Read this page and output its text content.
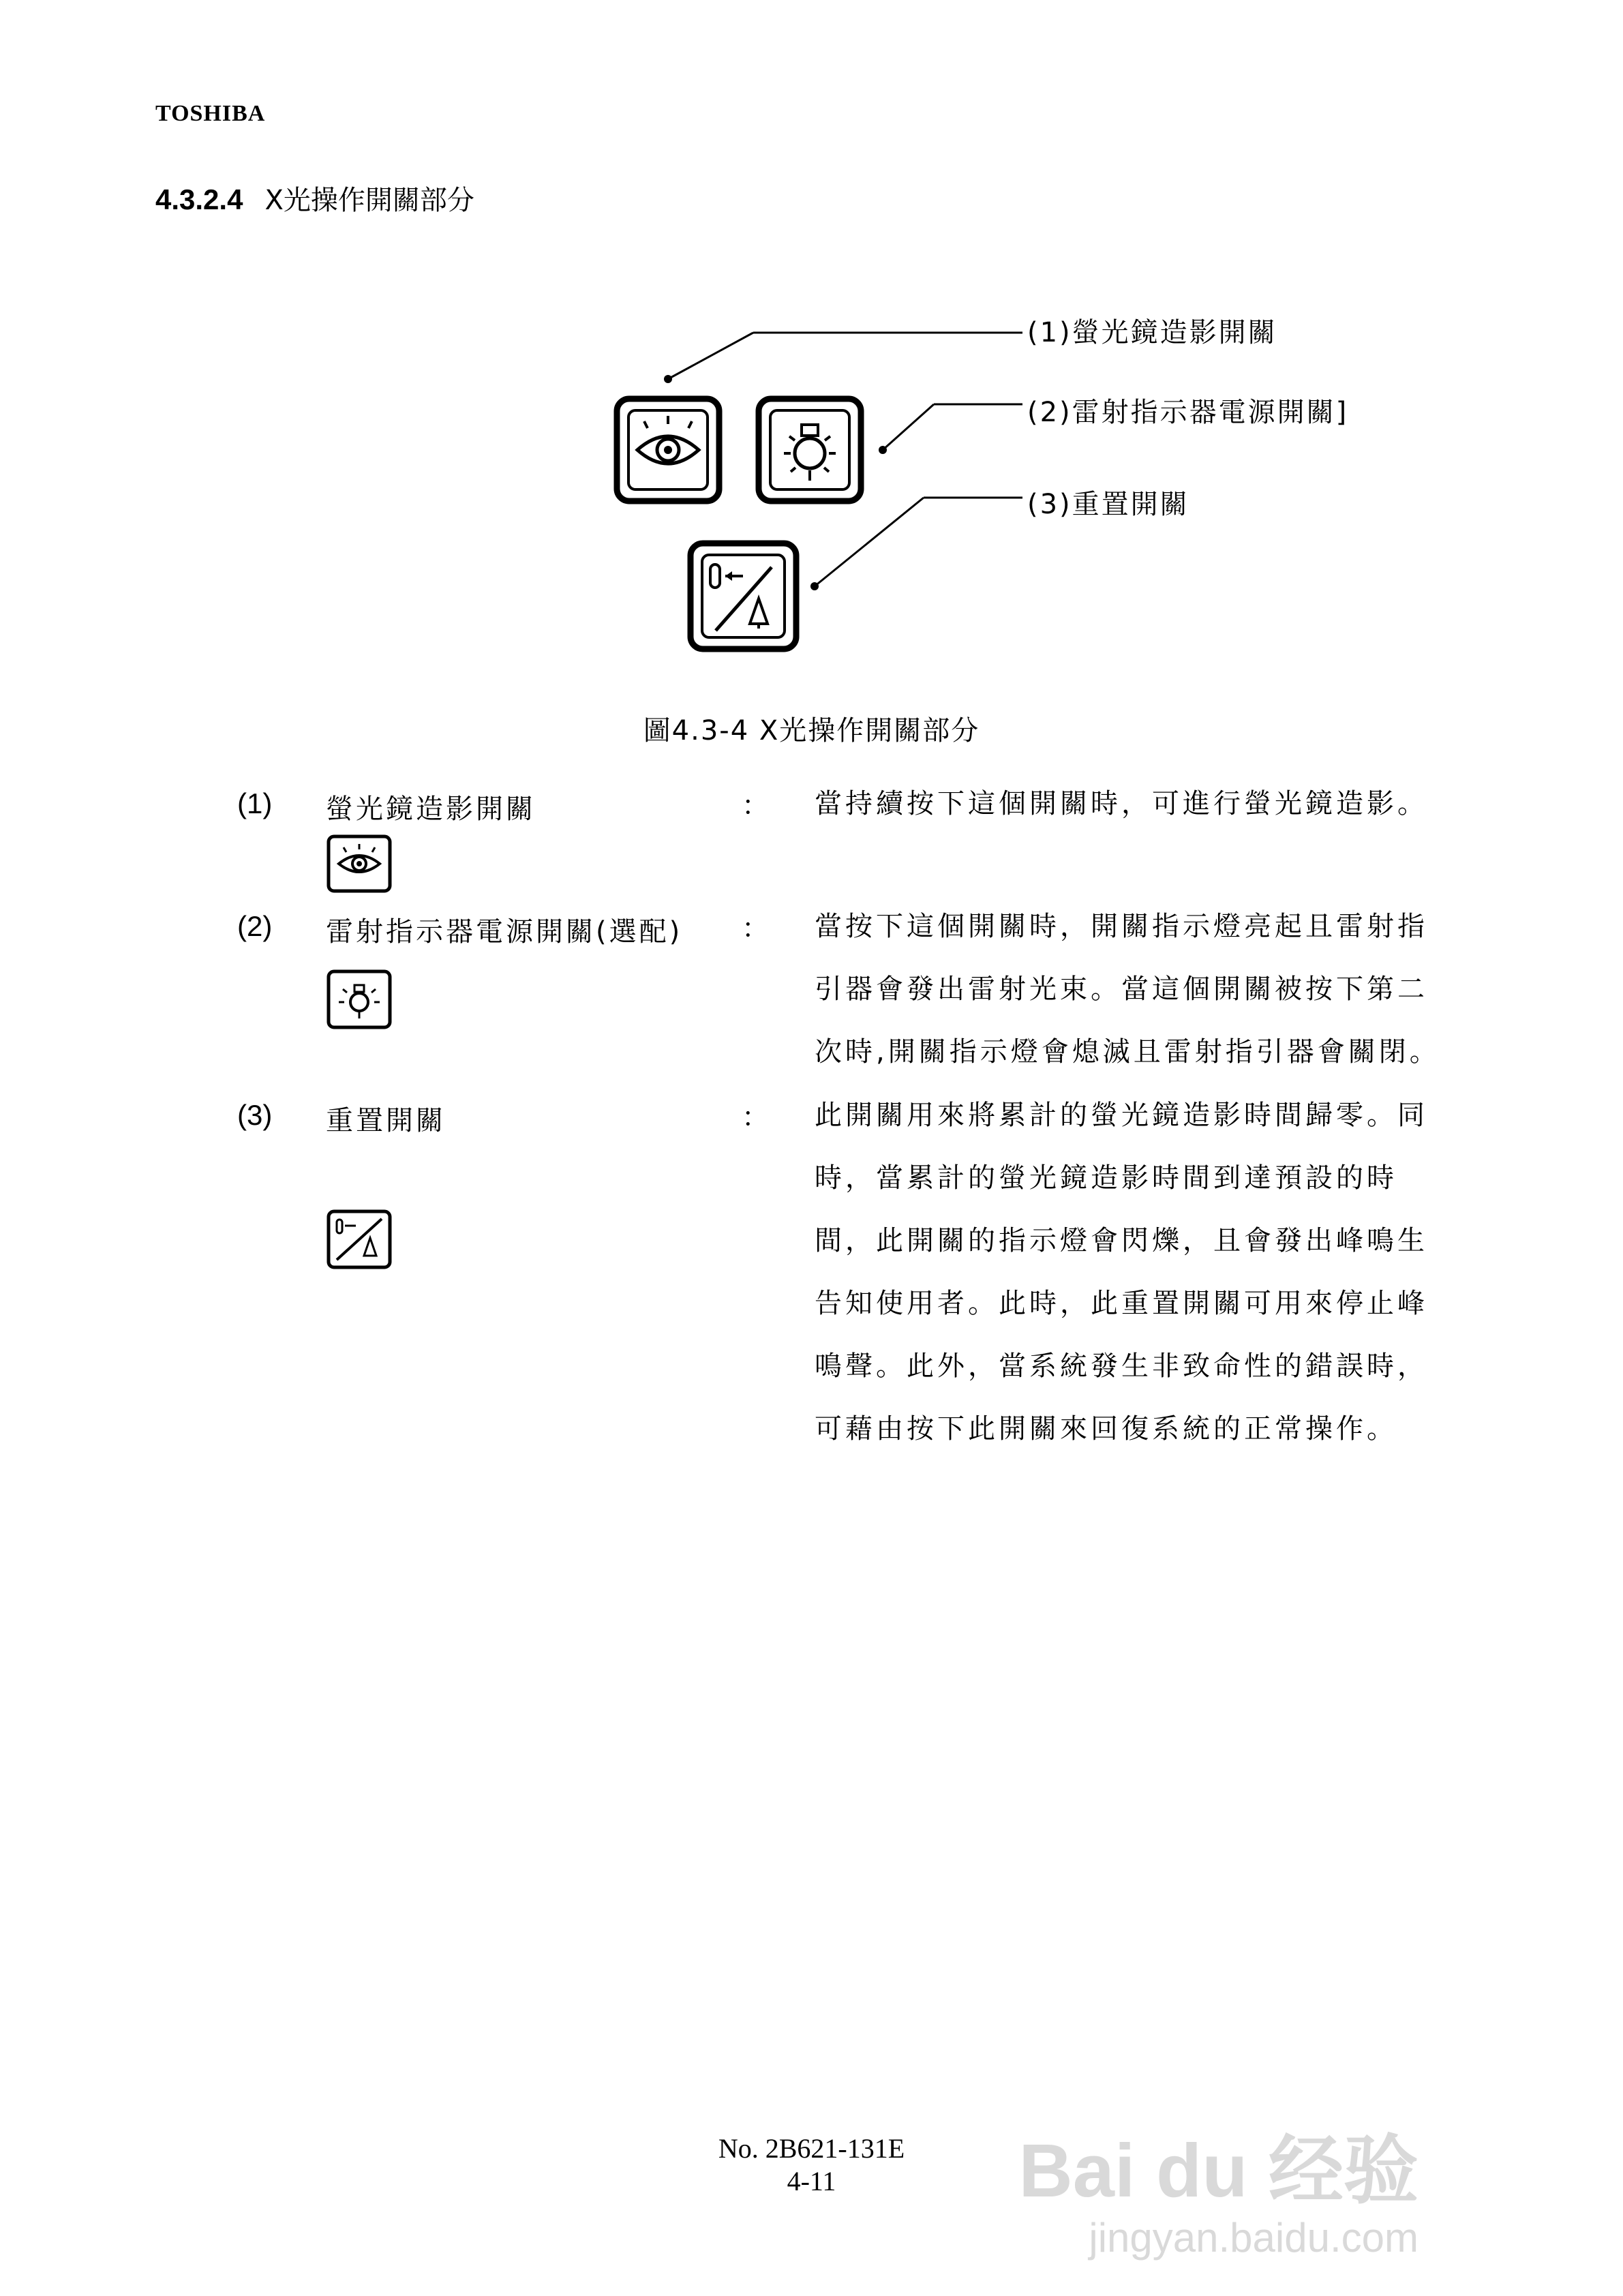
TOSHIBA
4.3.2.4 X光操作開關部分
(1)螢光鏡造影開關
(2)雷射指示器電源開關]
(3)重置開關
圖4.3-4 X光操作開關部分
(1) 螢光鏡造影開關	： 當持續按下這個開關時，可進行螢光鏡造影。
(2) 雷射指示器電源開關(選配) ： 當按下這個開關時，開關指示燈亮起且雷射指
引器會發出雷射光束。當這個開關被按下第二
次時,開關指示燈會熄滅且雷射指引器會關閉。
(3) 重置開關	： 此開關用來將累計的螢光鏡造影時間歸零。同
時，當累計的螢光鏡造影時間到達預設的時
間，此開關的指示燈會閃爍，且會發出峰鳴生
告知使用者。此時，此重置開關可用來停止峰
鳴聲。此外，當系統發生非致命性的錯誤時，
可藉由按下此開關來回復系統的正常操作。
No. 2B621-131E
4-11	Bai du 经验
jingyan.baidu.com
